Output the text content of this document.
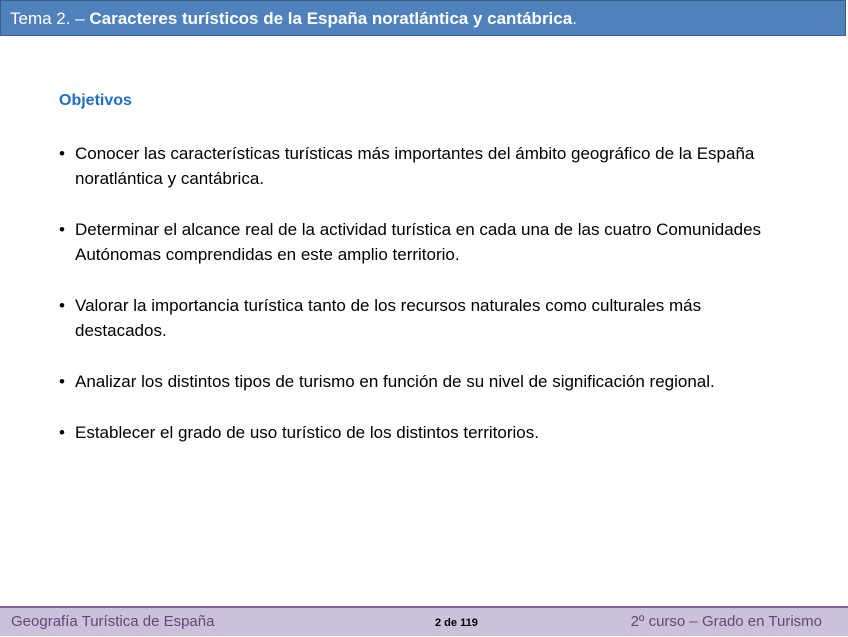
Tema 2. – Caracteres turísticos de la España noratlántica y cantábrica.
Objetivos
• Conocer las características turísticas más importantes del ámbito geográfico de la España noratlántica y cantábrica.
• Determinar el alcance real de la actividad turística en cada una de las cuatro Comunidades Autónomas comprendidas en este amplio territorio.
• Valorar la importancia turística tanto de los recursos naturales como culturales más destacados.
• Analizar los distintos tipos de turismo en función de su nivel de significación regional.
• Establecer el grado de uso turístico de los distintos territorios.
Geografía Turística de España	2 de 119	2º curso – Grado en Turismo
